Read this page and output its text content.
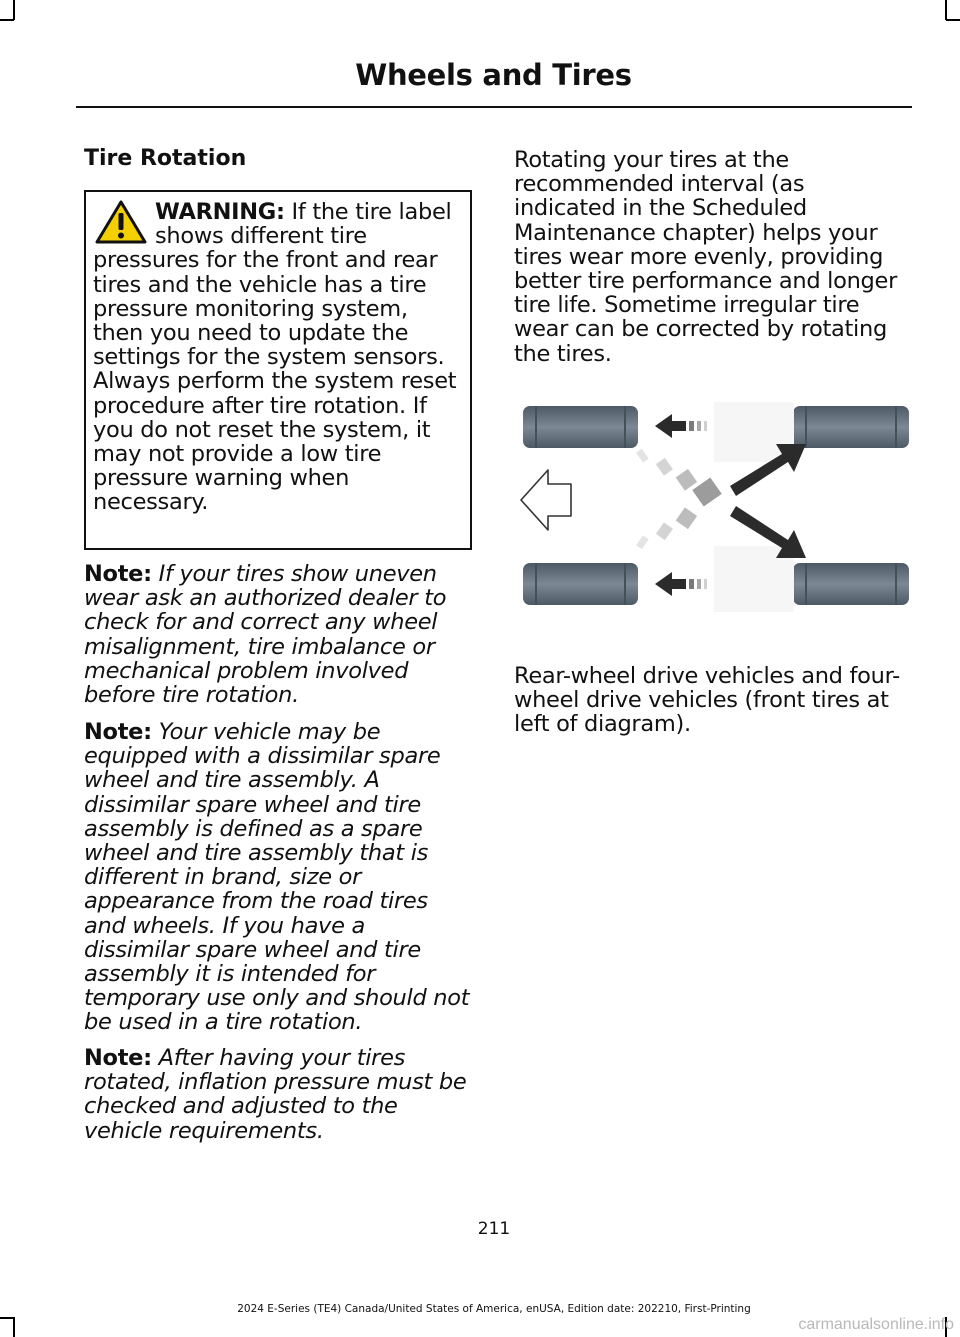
Wheels and Tires
Tire Rotation
WARNING: If the tire label shows different tire pressures for the front and rear tires and the vehicle has a tire pressure monitoring system, then you need to update the settings for the system sensors. Always perform the system reset procedure after tire rotation. If you do not reset the system, it may not provide a low tire pressure warning when necessary.
Note: If your tires show uneven wear ask an authorized dealer to check for and correct any wheel misalignment, tire imbalance or mechanical problem involved before tire rotation.
Note: Your vehicle may be equipped with a dissimilar spare wheel and tire assembly. A dissimilar spare wheel and tire assembly is defined as a spare wheel and tire assembly that is different in brand, size or appearance from the road tires and wheels. If you have a dissimilar spare wheel and tire assembly it is intended for temporary use only and should not be used in a tire rotation.
Note: After having your tires rotated, inflation pressure must be checked and adjusted to the vehicle requirements.
Rotating your tires at the recommended interval (as indicated in the Scheduled Maintenance chapter) helps your tires wear more evenly, providing better tire performance and longer tire life. Sometime irregular tire wear can be corrected by rotating the tires.
Rear-wheel drive vehicles and four-wheel drive vehicles (front tires at left of diagram).
211
2024 E-Series (TE4) Canada/United States of America, enUSA, Edition date: 202210, First-Printing
carmanualsonline.info
